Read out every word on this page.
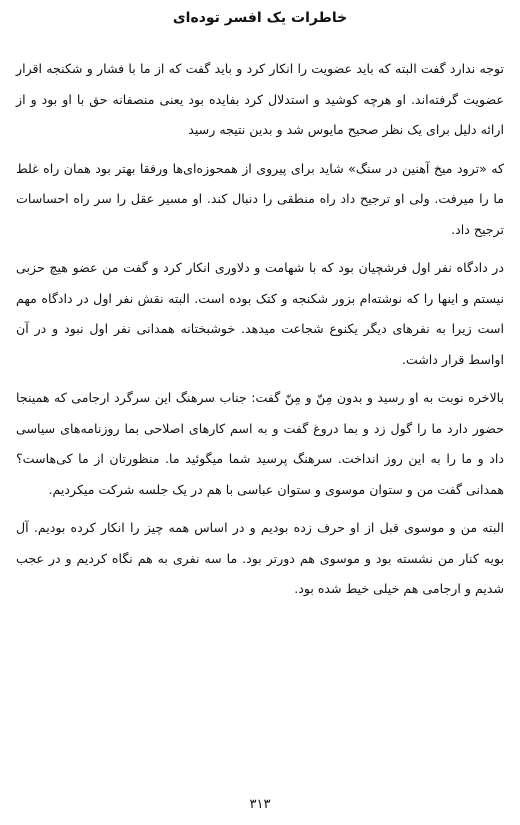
خاطرات یک افسر توده‌ای

توجه ندارد گفت البته که باید عضویت را انکار کرد و باید گفت که از ما با فشار و شکنجه اقرار عضویت گرفته‌اند. او هرچه کوشید و استدلال کرد بفایده بود یعنی منصفانه حق با او بود و از ارائه دلیل برای یک نظر صحیح مایوس شد و بدین نتیجه رسید

که «ترود میخ آهنین در سنگ» شاید برای پیروی از همحوزه‌ای‌ها ورفقا بهتر بود همان راه غلط ما را میرفت. ولی او ترجیح داد راه منطقی را دنبال کند. او مسیر عقل را سر راه احساسات ترجیح داد.

در دادگاه نفر اول فرشچیان بود که با شهامت و دلاوری انکار کرد و گفت من عضو هیچ حزبی نیستم و اینها را که نوشته‌ام بزور شکنجه و کتک بوده است. البته نقش نفر اول در دادگاه مهم است زیرا به نفرهای دیگر یکنوع شجاعت میدهد. خوشبختانه همدانی نفر اول نبود و در آن اواسط قرار داشت.

بالاخره نوبت به او رسید و بدون مِنّ و مِنّ گفت: جناب سرهنگ این سرگرد ارجامی که همینجا حضور دارد ما را گول زد و بما دروغ گفت و به اسم کارهای اصلاحی بما روزنامه‌های سیاسی داد و ما را به این روز انداخت. سرهنگ پرسید شما میگوئید ما. منظورتان از ما کی‌هاست؟ همدانی گفت من و ستوان موسوی و ستوان عباسی با هم در یک جلسه شرکت میکردیم.

البته من و موسوی قبل از او حرف زده بودیم و در اساس همه چیز را انکار کرده بودیم. آل بویه کنار من نشسته بود و موسوی هم دورتر بود. ما سه نفری به هم نگاه کردیم و در عجب شدیم و ارجامی هم خیلی خیط شده بود.

۳۱۳
